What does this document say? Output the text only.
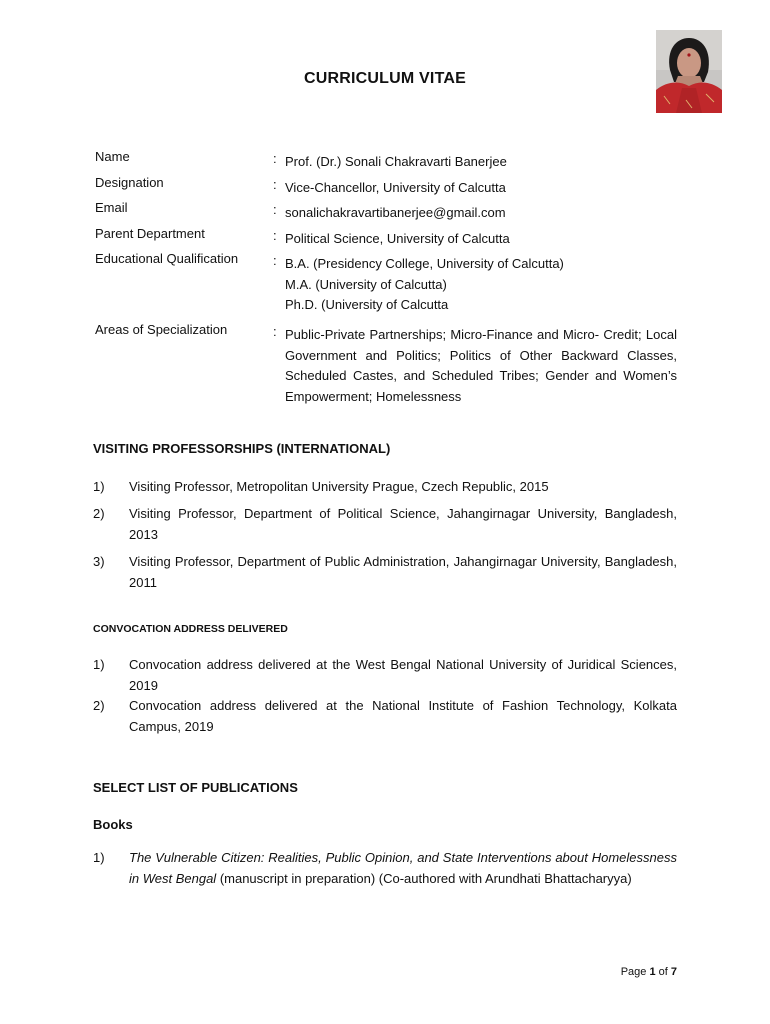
CURRICULUM VITAE
Name	: Prof. (Dr.) Sonali Chakravarti Banerjee
Designation	: Vice-Chancellor, University of Calcutta
Email	: sonalichakravartibanerjee@gmail.com
Parent Department	: Political Science, University of Calcutta
Educational Qualification	: B.A. (Presidency College, University of Calcutta)
M.A. (University of Calcutta)
Ph.D. (University of Calcutta
Areas of Specialization	: Public-Private Partnerships; Micro-Finance and Micro- Credit; Local Government and Politics; Politics of Other Backward Classes, Scheduled Castes, and Scheduled Tribes; Gender and Women’s Empowerment; Homelessness
VISITING PROFESSORSHIPS (INTERNATIONAL)
1) Visiting Professor, Metropolitan University Prague, Czech Republic, 2015
2) Visiting Professor, Department of Political Science, Jahangirnagar University, Bangladesh, 2013
3) Visiting Professor, Department of Public Administration, Jahangirnagar University, Bangladesh, 2011
CONVOCATION ADDRESS DELIVERED
1) Convocation address delivered at the West Bengal National University of Juridical Sciences, 2019
2) Convocation address delivered at the National Institute of Fashion Technology, Kolkata Campus, 2019
SELECT LIST OF PUBLICATIONS
Books
1) The Vulnerable Citizen: Realities, Public Opinion, and State Interventions about Homelessness in West Bengal (manuscript in preparation) (Co-authored with Arundhati Bhattacharyya)
Page 1 of 7
